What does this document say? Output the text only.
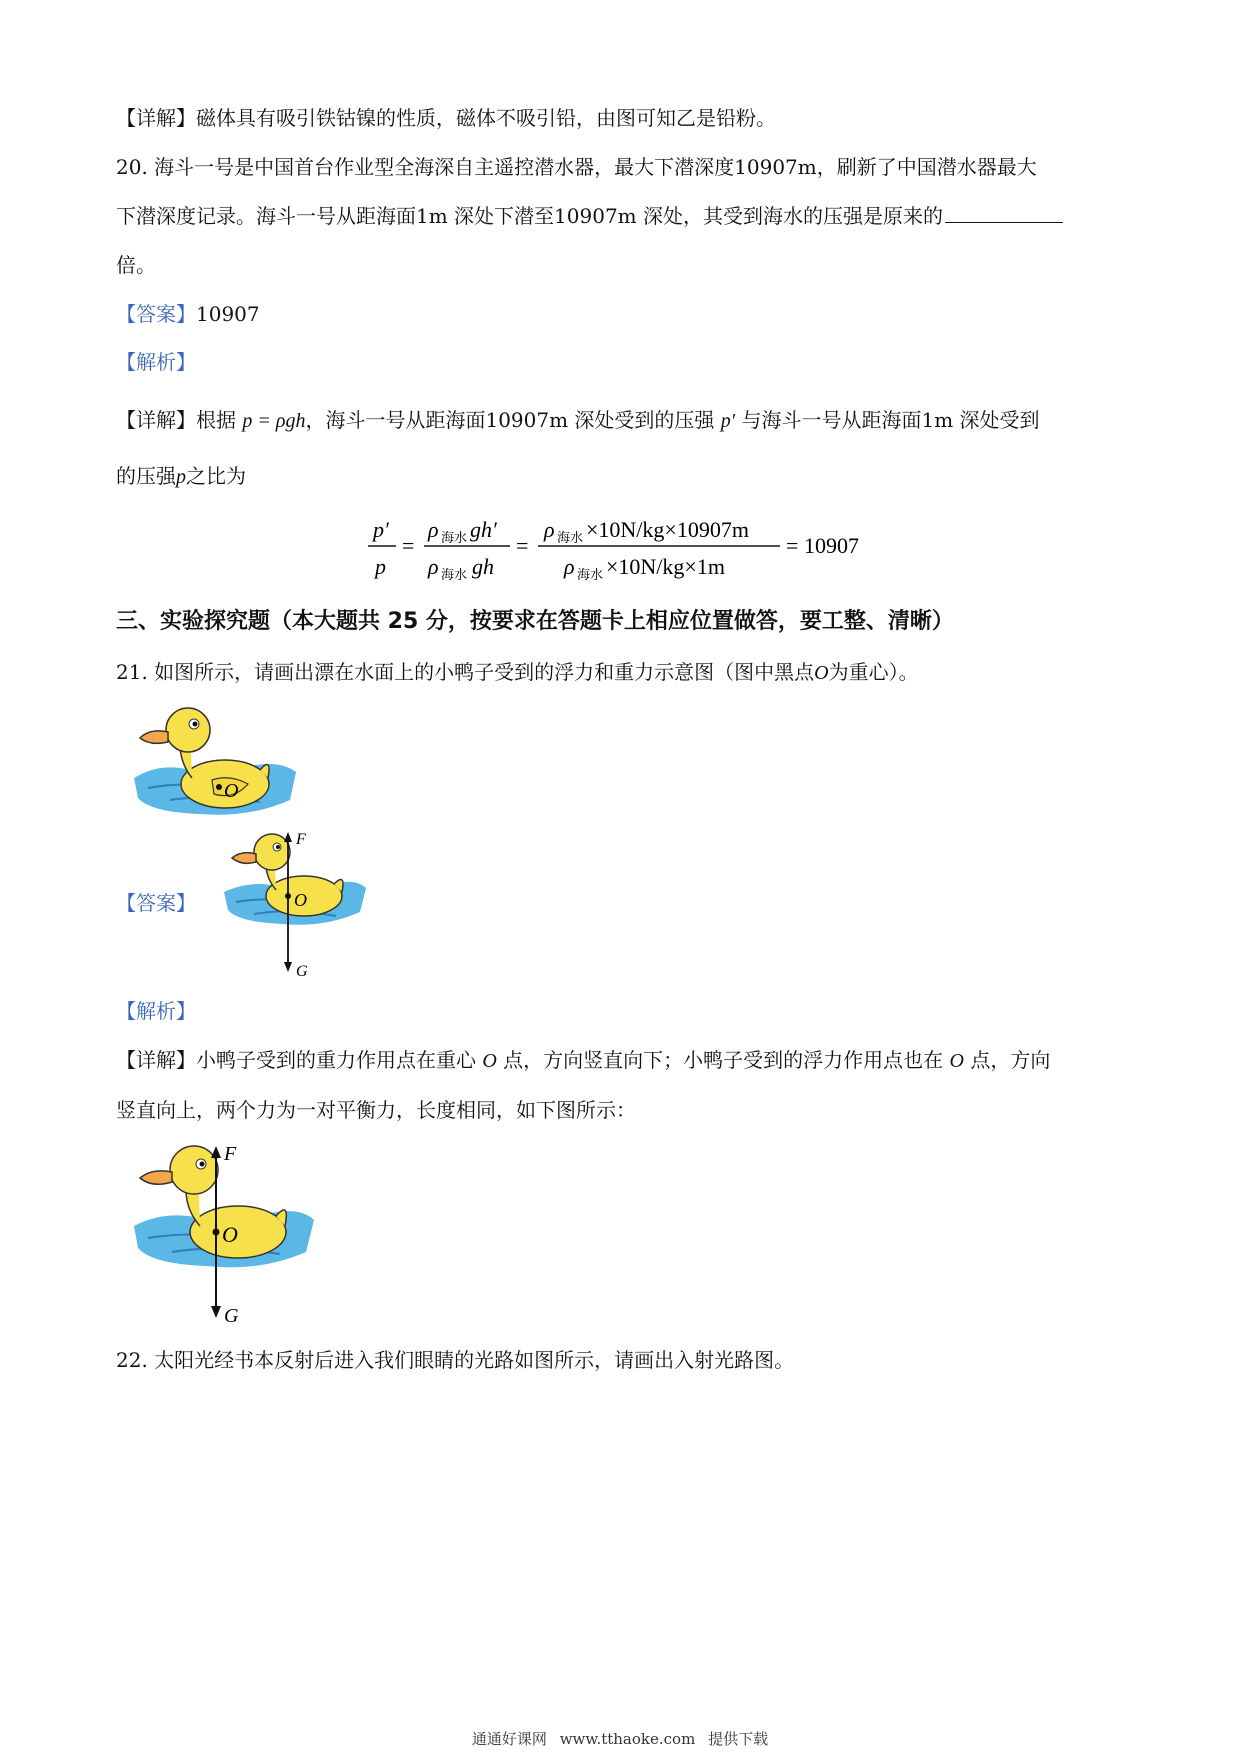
【详解】磁体具有吸引铁钴镍的性质，磁体不吸引铅，由图可知乙是铅粉。
20. 海斗一号是中国首台作业型全海深自主遥控潜水器，最大下潜深度10907m，刷新了中国潜水器最大
下潜深度记录。海斗一号从距海面1m 深处下潜至10907m 深处，其受到海水的压强是原来的
倍。
【答案】10907
【解析】
【详解】根据 p = ρgh，海斗一号从距海面10907m 深处受到的压强 p′ 与海斗一号从距海面1m 深处受到
的压强p之比为
p′
p
=
ρ 海水 gh′
ρ 海水 gh
=
ρ 海水 ×10N/kg×10907m
ρ 海水 ×10N/kg×1m
= 10907
三、实验探究题（本大题共 25 分，按要求在答题卡上相应位置做答，要工整、清晰）
21. 如图所示，请画出漂在水面上的小鸭子受到的浮力和重力示意图（图中黑点O为重心）。
O
【答案】	O
F
G
【解析】
【详解】小鸭子受到的重力作用点在重心 O 点，方向竖直向下；小鸭子受到的浮力作用点也在 O 点，方向
竖直向上，两个力为一对平衡力，长度相同，如下图所示：
O
F
G
22. 太阳光经书本反射后进入我们眼睛的光路如图所示，请画出入射光路图。
通通好课网 www.tthaoke.com 提供下载
